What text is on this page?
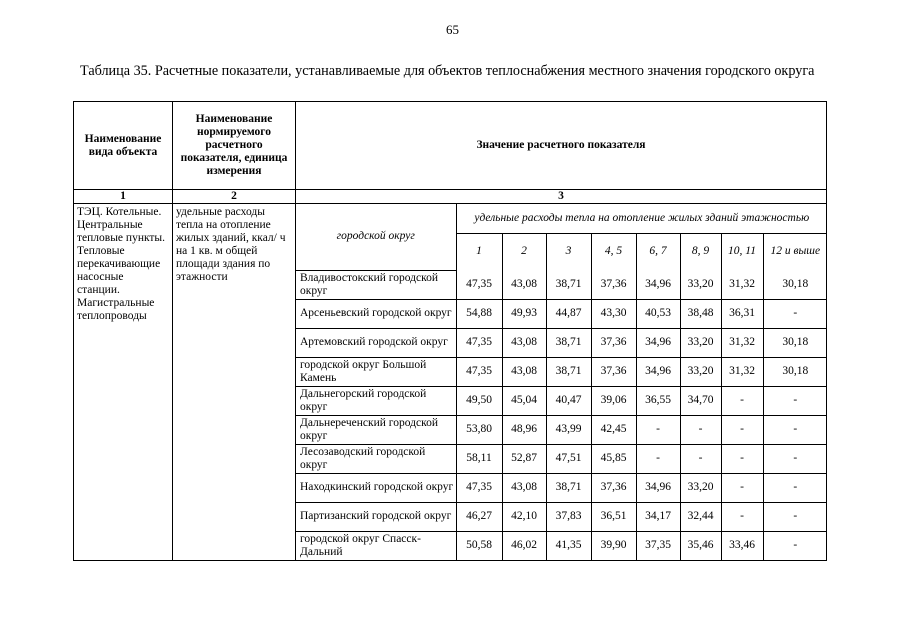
65
Таблица 35. Расчетные показатели, устанавливаемые для объектов теплоснабжения местного значения городского округа
Наименование вида объекта	Наименование нормируемого расчетного показателя, единица измерения	Значение расчетного показателя
1	2	3
ТЭЦ. Котельные. Центральные тепловые пункты. Тепловые перекачивающие насосные станции. Магистральные теплопроводы	удельные расходы тепла на отопление жилых зданий, ккал/ ч на 1 кв. м общей площади здания по этажности	
городской округ	удельные расходы тепла на отопление жилых зданий этажностью
1	2	3	4, 5	6, 7	8, 9	10, 11	12 и выше
Владивостокский городской округ	47,35	43,08	38,71	37,36	34,96	33,20	31,32	30,18
Арсеньевский городской округ	54,88	49,93	44,87	43,30	40,53	38,48	36,31	-
Артемовский городской округ	47,35	43,08	38,71	37,36	34,96	33,20	31,32	30,18
городской округ Большой Камень	47,35	43,08	38,71	37,36	34,96	33,20	31,32	30,18
Дальнегорский городской округ	49,50	45,04	40,47	39,06	36,55	34,70	-	-
Дальнереченский городской округ	53,80	48,96	43,99	42,45	-	-	-	-
Лесозаводский городской округ	58,11	52,87	47,51	45,85	-	-	-	-
Находкинский городской округ	47,35	43,08	38,71	37,36	34,96	33,20	-	-
Партизанский городской округ	46,27	42,10	37,83	36,51	34,17	32,44	-	-
городской округ Спасск-Дальний	50,58	46,02	41,35	39,90	37,35	35,46	33,46	-
